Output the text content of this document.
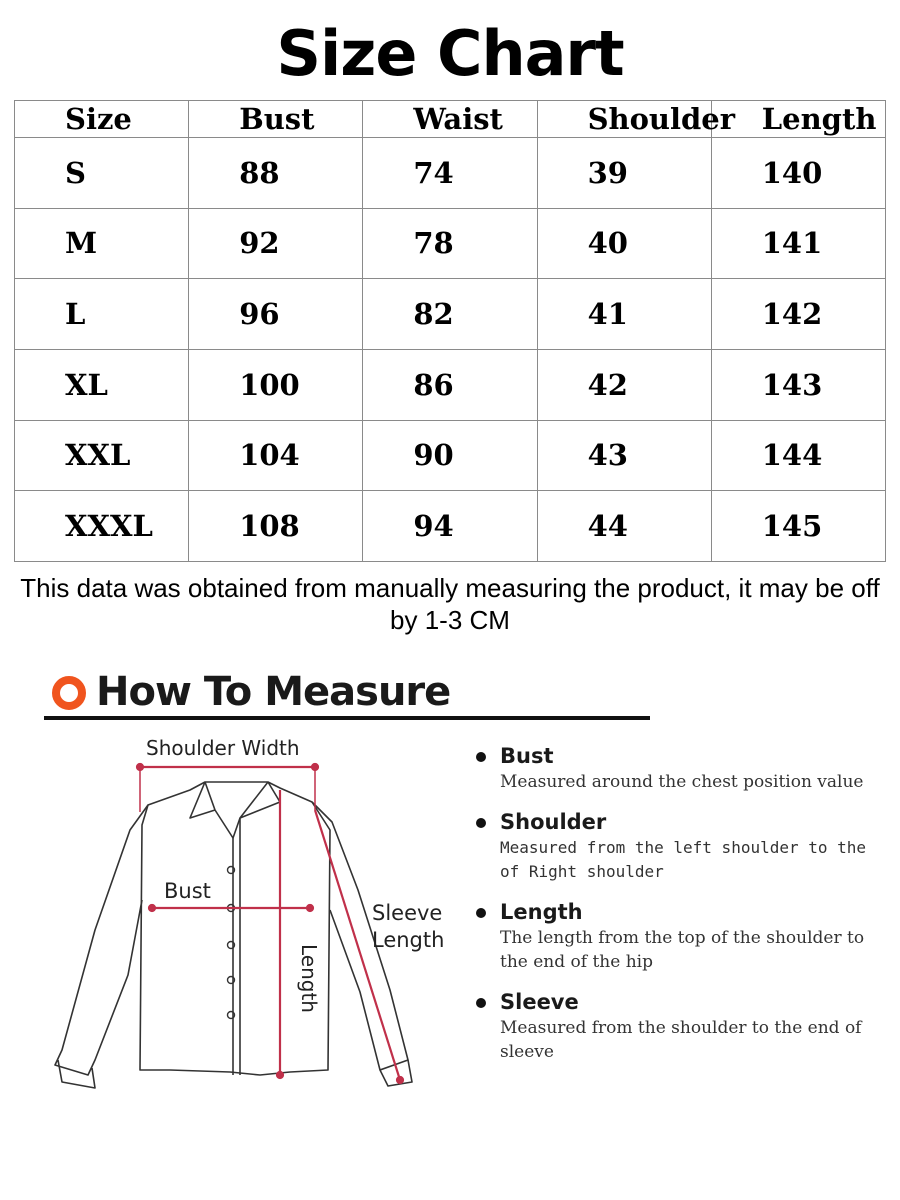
Size Chart
Size	Bust	Waist	Shoulder	Length
S	88	74	39	140
M	92	78	40	141
L	96	82	41	142
XL	100	86	42	143
XXL	104	90	43	144
XXXL	108	94	44	145
This data was obtained from manually measuring the product, it may be off by 1-3 CM
How To Measure
Shoulder Width
Bust
Length
Sleeve
Length
Bust
Measured around the chest position value
Shoulder
Measured from the left shoulder to the of Right shoulder
Length
The length from the top of the shoulder to the end of the hip
Sleeve
Measured from the shoulder to the end of sleeve
